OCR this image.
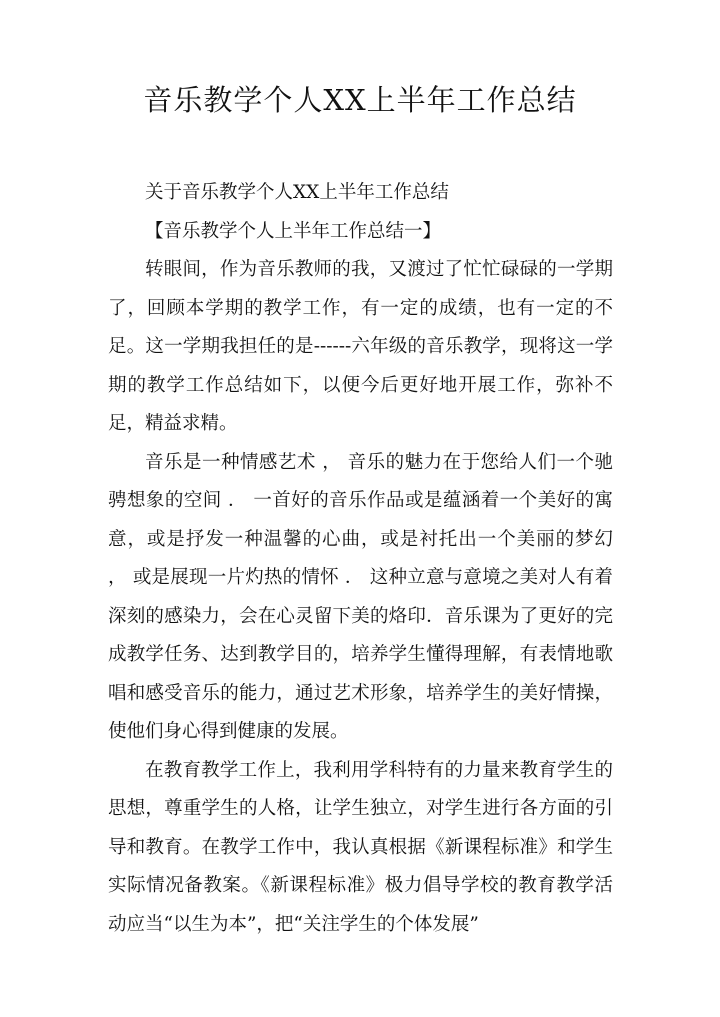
音乐教学个人XX上半年工作总结

关于音乐教学个人XX上半年工作总结

【音乐教学个人上半年工作总结一】

转眼间，作为音乐教师的我，又渡过了忙忙碌碌的一学期了，回顾本学期的教学工作，有一定的成绩，也有一定的不足。这一学期我担任的是------六年级的音乐教学，现将这一学期的教学工作总结如下，以便今后更好地开展工作，弥补不足，精益求精。

音乐是一种情感艺术 ， 音乐的魅力在于您给人们一个驰骋想象的空间 ． 一首好的音乐作品或是蕴涵着一个美好的寓意，或是抒发一种温馨的心曲，或是衬托出一个美丽的梦幻 ， 或是展现一片灼热的情怀 ． 这种立意与意境之美对人有着深刻的感染力，会在心灵留下美的烙印．音乐课为了更好的完成教学任务、达到教学目的，培养学生懂得理解，有表情地歌唱和感受音乐的能力，通过艺术形象，培养学生的美好情操，使他们身心得到健康的发展。

在教育教学工作上，我利用学科特有的力量来教育学生的思想，尊重学生的人格，让学生独立，对学生进行各方面的引导和教育。在教学工作中，我认真根据《新课程标准》和学生实际情况备教案。《新课程标准》极力倡导学校的教育教学活动应当“以生为本”，把“关注学生的个体发展”
